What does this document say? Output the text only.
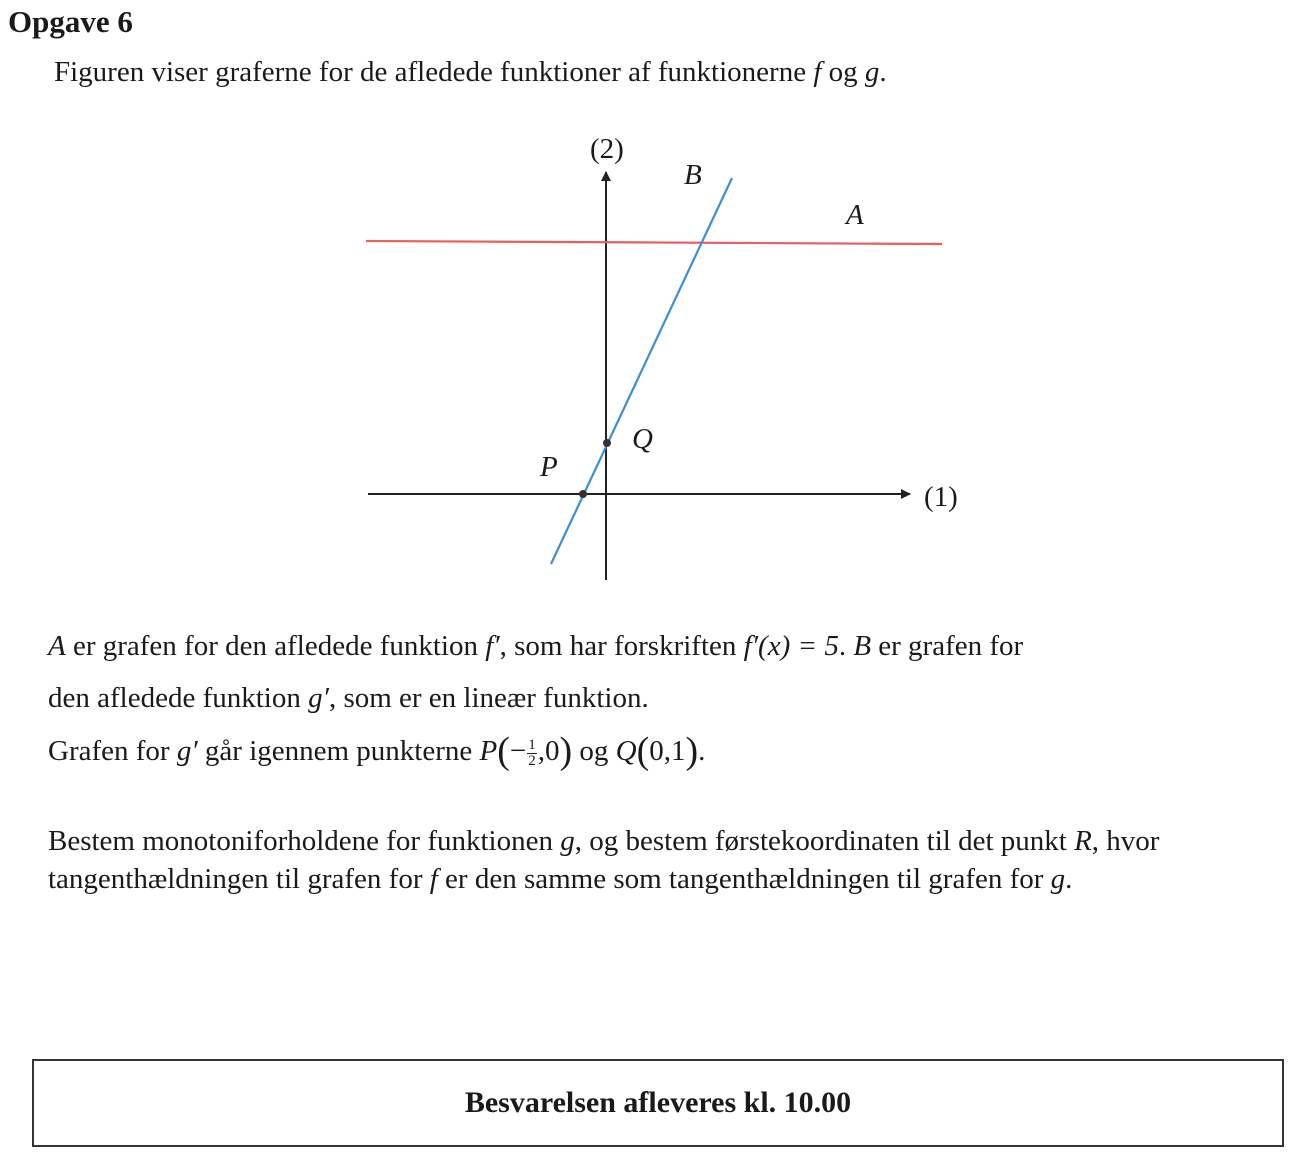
Opgave 6
Figuren viser graferne for de afledede funktioner af funktionerne f og g.
(2)
(1)
B
A
Q
P
A er grafen for den afledede funktion f′, som har forskriften f′(x) = 5. B er grafen for
den afledede funktion g′, som er en lineær funktion.
Grafen for g′ går igennem punkterne $P(- \frac{1}{2} ,0)$ og Q(0,1).
Bestem monotoniforholdene for funktionen g, og bestem førstekoordinaten til det punkt R, hvor tangenthældningen til grafen for f er den samme som tangenthældningen til grafen for g.
Besvarelsen afleveres kl. 10.00
